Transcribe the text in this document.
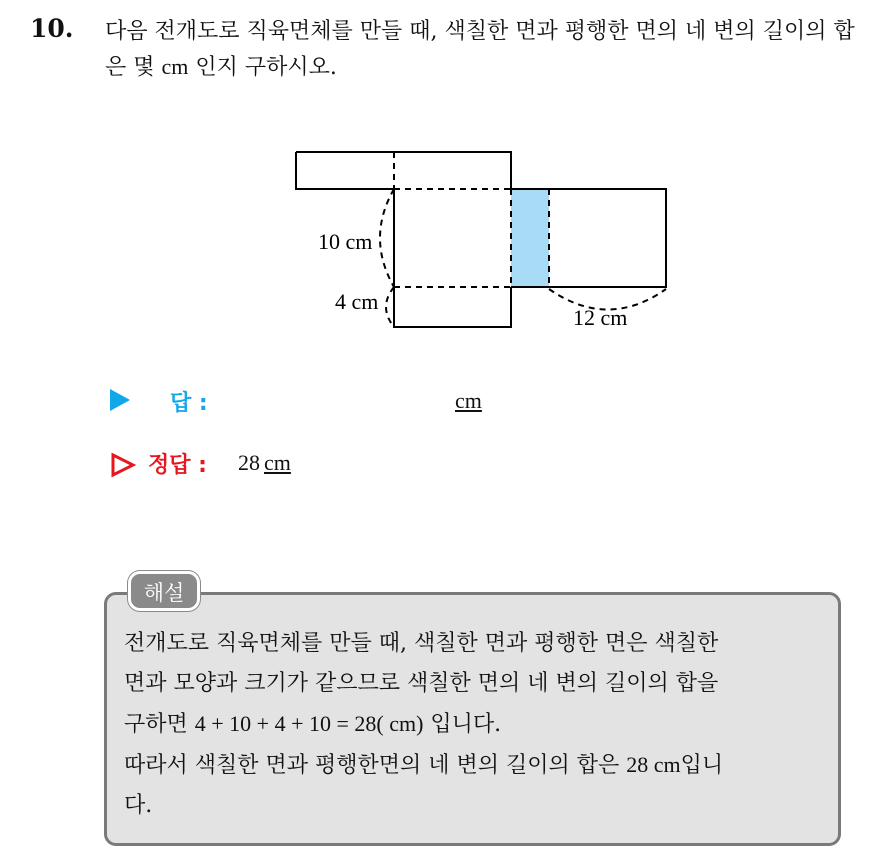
10. 다음 전개도로 직육면체를 만들 때, 색칠한 면과 평행한 면의 네 변의 길이의 합은 몇 cm 인지 구하시오.
10 cm
4 cm
12 cm
답 :	cm
정답 : 28 cm
해설
전개도로 직육면체를 만들 때, 색칠한 면과 평행한 면은 색칠한
면과 모양과 크기가 같으므로 색칠한 면의 네 변의 길이의 합을
구하면 4 + 10 + 4 + 10 = 28( cm) 입니다.
따라서 색칠한 면과 평행한면의 네 변의 길이의 합은 28 cm입니
다.
